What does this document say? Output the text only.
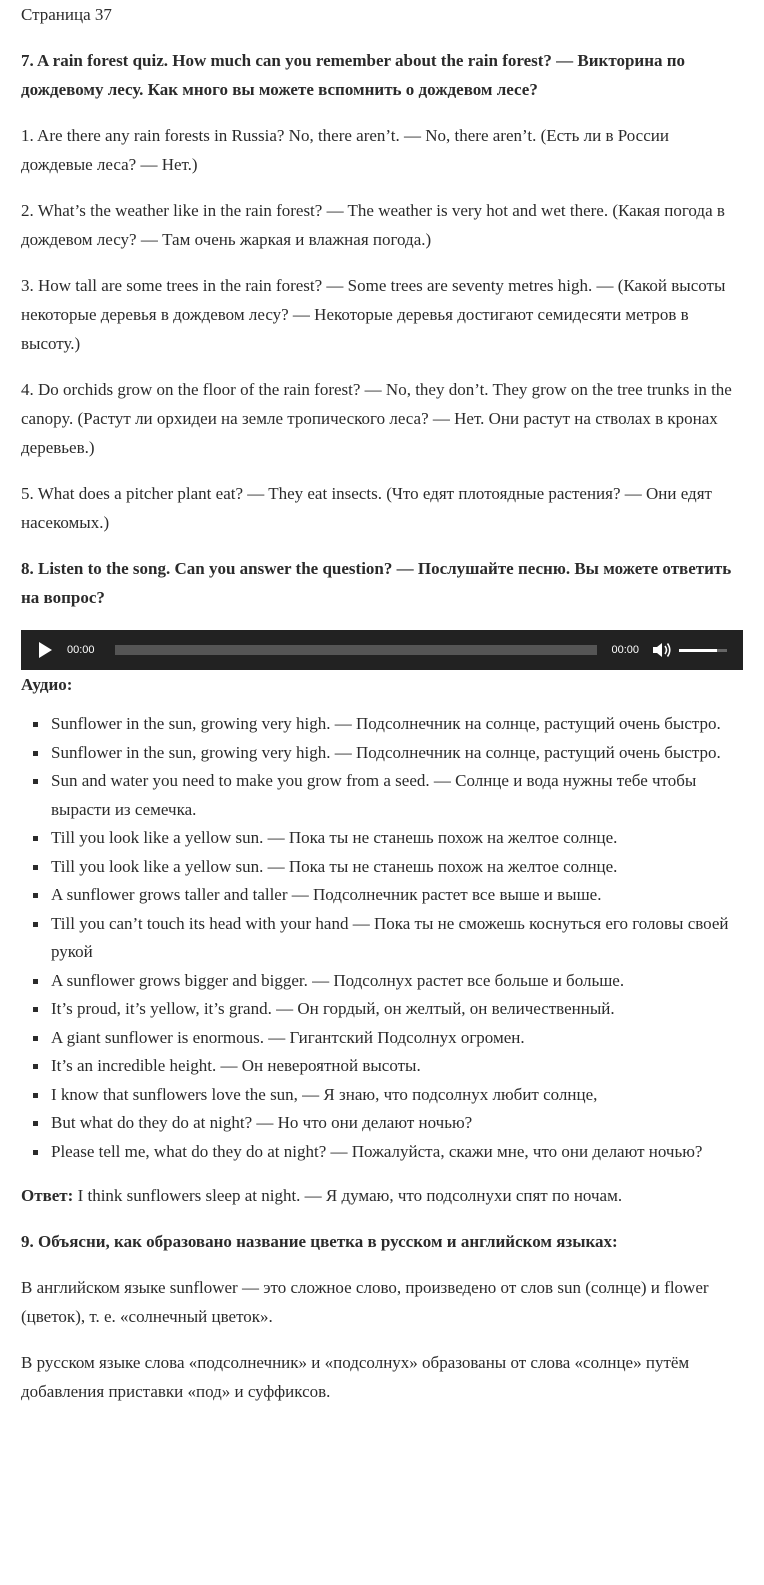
Страница 37

7. A rain forest quiz. How much can you remember about the rain forest? — Викторина по дождевому лесу. Как много вы можете вспомнить о дождевом лесе?

1. Are there any rain forests in Russia? No, there aren’t. — No, there aren’t. (Есть ли в России дождевые леса? — Нет.)

2. What’s the weather like in the rain forest? — The weather is very hot and wet there. (Какая погода в дождевом лесу? — Там очень жаркая и влажная погода.)

3. How tall are some trees in the rain forest? — Some trees are seventy metres high. — (Какой высоты некоторые деревья в дождевом лесу? — Некоторые деревья достигают семидесяти метров в высоту.)

4. Do orchids grow on the floor of the rain forest? — No, they don’t. They grow on the tree trunks in the canopy. (Растут ли орхидеи на земле тропического леса? — Нет. Они растут на стволах в кронах деревьев.)

5. What does a pitcher plant eat? — They eat insects. (Что едят плотоядные растения? — Они едят насекомых.)

8. Listen to the song. Can you answer the question? — Послушайте песню. Вы можете ответить на вопрос?

00:00	00:00

Аудио:

Sunflower in the sun, growing very high. — Подсолнечник на солнце, растущий очень быстро.
Sunflower in the sun, growing very high. — Подсолнечник на солнце, растущий очень быстро.
Sun and water you need to make you grow from a seed. — Солнце и вода нужны тебе чтобы вырасти из семечка.
Till you look like a yellow sun. — Пока ты не станешь похож на желтое солнце.
Till you look like a yellow sun. — Пока ты не станешь похож на желтое солнце.
A sunflower grows taller and taller — Подсолнечник растет все выше и выше.
Till you can’t touch its head with your hand — Пока ты не сможешь коснуться его головы своей рукой
A sunflower grows bigger and bigger. — Подсолнух растет все больше и больше.
It’s proud, it’s yellow, it’s grand. — Он гордый, он желтый, он величественный.
A giant sunflower is enormous. — Гигантский Подсолнух огромен.
It’s an incredible height. — Он невероятной высоты.
I know that sunflowers love the sun, — Я знаю, что подсолнух любит солнце,
But what do they do at night? — Но что они делают ночью?
Please tell me, what do they do at night? — Пожалуйста, скажи мне, что они делают ночью?

Ответ: I think sunflowers sleep at night. — Я думаю, что подсолнухи спят по ночам.

9. Объясни, как образовано название цветка в русском и английском языках:

В английском языке sunflower — это сложное слово, произведено от слов sun (солнце) и flower (цветок), т. е. «солнечный цветок».

В русском языке слова «подсолнечник» и «подсолнух» образованы от слова «солнце» путём добавления приставки «под» и суффиксов.
